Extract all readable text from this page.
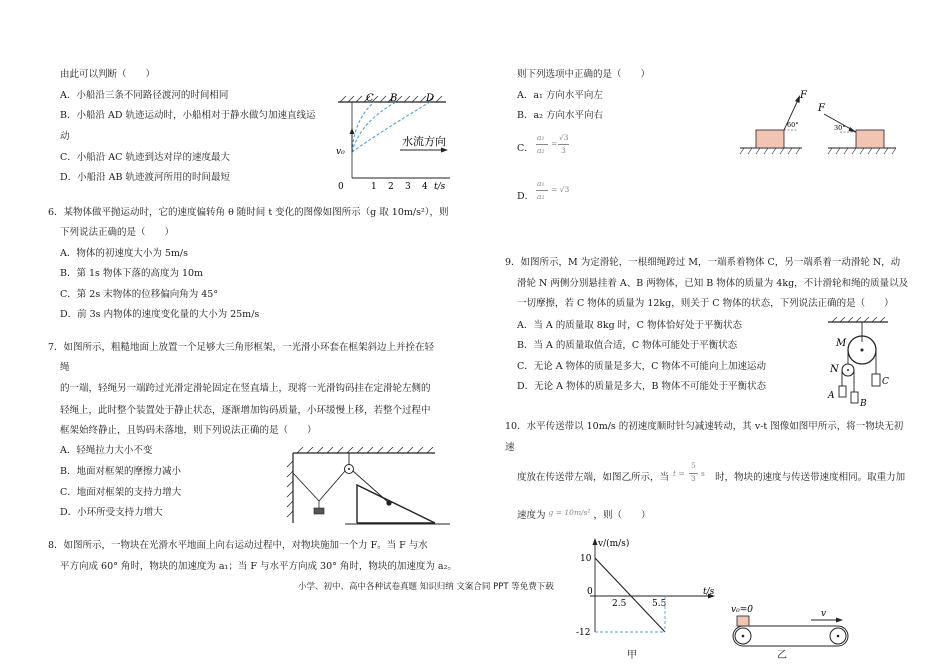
由此可以判断（　　）
A．小船沿三条不同路径渡河的时间相同
B．小船沿 AD 轨迹运动时，小船相对于静水做匀加速直线运
动
C．小船沿 AC 轨迹到达对岸的速度最大
D．小船沿 AB 轨迹渡河所用的时间最短
C B	D
v₀
水流方向
0	1 2 3 4 t/s
6．某物体做平抛运动时，它的速度偏转角 θ 随时间 t 变化的图像如图所示（g 取 10m/s²），则
下列说法正确的是（　　）
A．物体的初速度大小为 5m/s
B．第 1s 物体下落的高度为 10m
C．第 2s 末物体的位移偏向角为 45°
D．前 3s 内物体的速度变化量的大小为 25m/s
7．如图所示，粗糙地面上放置一个足够大三角形框架，一光滑小环套在框架斜边上并拴在轻
绳
的一端，轻绳另一端跨过光滑定滑轮固定在竖直墙上，现将一光滑钩码挂在定滑轮左侧的
轻绳上，此时整个装置处于静止状态，逐渐增加钩码质量，小环缓慢上移，若整个过程中
框架始终静止，且钩码未落地，则下列说法正确的是（　　）
A．轻绳拉力大小不变
B．地面对框架的摩擦力减小
C．地面对框架的支持力增大
D．小环所受支持力增大
8．如图所示，一物块在光滑水平地面上向右运动过程中，对物块施加一个力 F。当 F 与水
平方向成 60° 角时，物块的加速度为 a₁；当 F 与水平方向成 30° 角时，物块的加速度为 a₂。
小学、初中、高中各种试卷真题 知识归纳 文案合同 PPT 等免费下载
则下列选项中正确的是（　　）
A．a₁ 方向水平向左
B．a₂ 方向水平向右
C．
a₁
a₂
=
√3
3
D．
a₁
a₂
= √3
F
60°
F
30°
9．如图所示，M 为定滑轮，一根细绳跨过 M，一端系着物体 C，另一端系着一动滑轮 N，动
滑轮 N 两侧分别悬挂着 A、B 两物体，已知 B 物体的质量为 4kg，不计滑轮和绳的质量以及
一切摩擦，若 C 物体的质量为 12kg，则关于 C 物体的状态，下列说法正确的是（　　）
A．当 A 的质量取 8kg 时，C 物体恰好处于平衡状态
B．当 A 的质量取值合适，C 物体可能处于平衡状态
C．无论 A 物体的质量是多大，C 物体不可能向上加速运动
D．无论 A 物体的质量是多大，B 物体不可能处于平衡状态
M
C
N
A
B
10．水平传送带以 10m/s 的初速度顺时针匀减速转动，其 v-t 图像如图甲所示，将一物块无初
速
度放在传送带左端，如图乙所示，当 t =
5
3
s 时，物块的速度与传送带速度相同。取重力加
速度为 $^{g = 10m/s^2}$ ，则（　　）
v/(m/s)
t/s
10
0
-12
2.5	5.5
甲
v₀=0	v
乙
